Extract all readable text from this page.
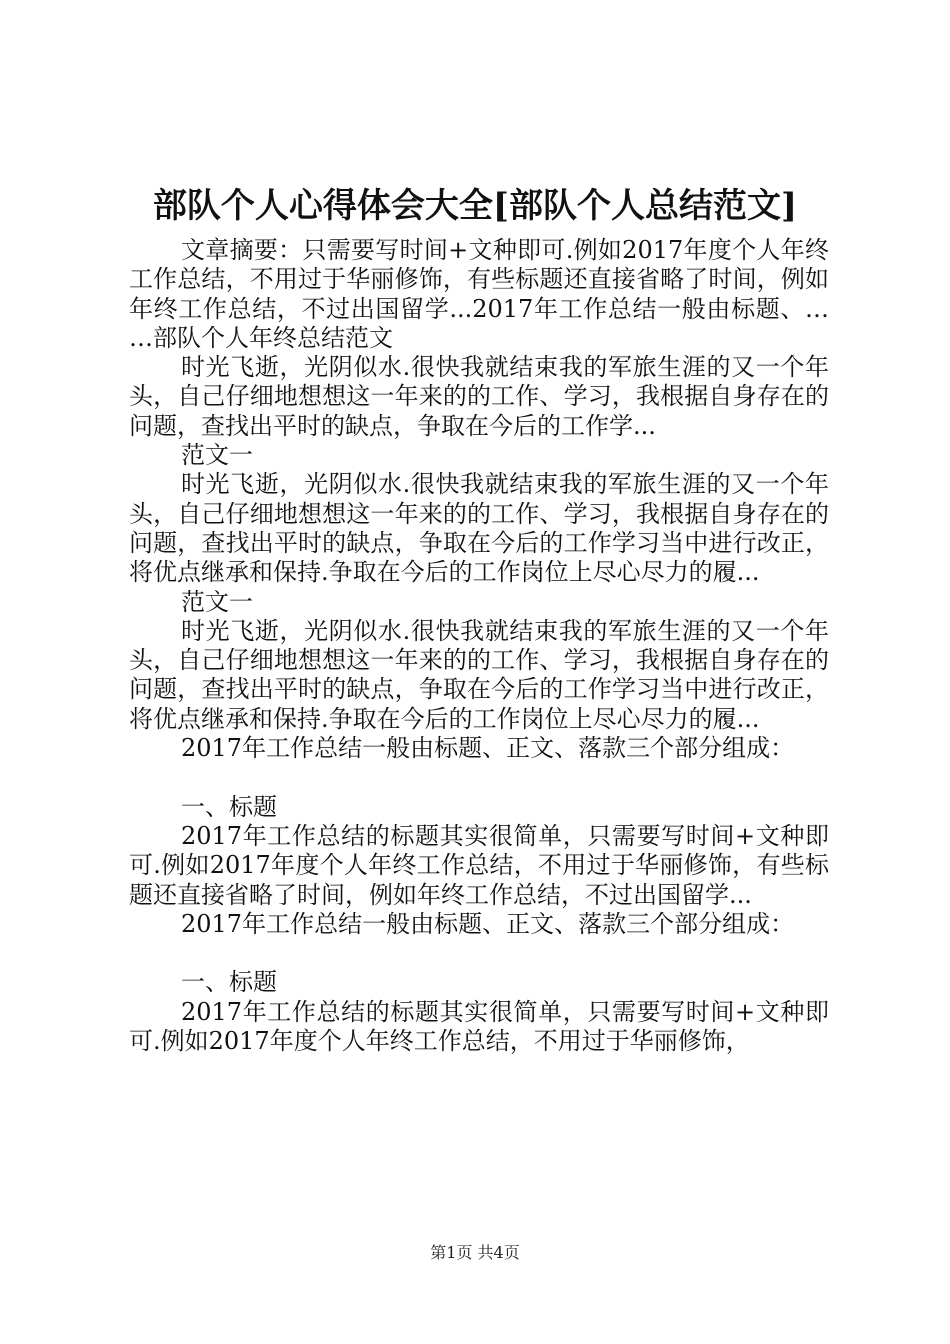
部队个人心得体会大全[部队个人总结范文]

文章摘要：只需要写时间+文种即可.例如2017年度个人年终工作总结，不用过于华丽修饰，有些标题还直接省略了时间，例如年终工作总结，不过出国留学...2017年工作总结一般由标题、……部队个人年终总结范文

时光飞逝，光阴似水.很快我就结束我的军旅生涯的又一个年头，自己仔细地想想这一年来的的工作、学习，我根据自身存在的问题，查找出平时的缺点，争取在今后的工作学...

范文一

时光飞逝，光阴似水.很快我就结束我的军旅生涯的又一个年头，自己仔细地想想这一年来的的工作、学习，我根据自身存在的问题，查找出平时的缺点，争取在今后的工作学习当中进行改正，将优点继承和保持.争取在今后的工作岗位上尽心尽力的履...

范文一

时光飞逝，光阴似水.很快我就结束我的军旅生涯的又一个年头，自己仔细地想想这一年来的的工作、学习，我根据自身存在的问题，查找出平时的缺点，争取在今后的工作学习当中进行改正，将优点继承和保持.争取在今后的工作岗位上尽心尽力的履...

2017年工作总结一般由标题、正文、落款三个部分组成：

一、标题

2017年工作总结的标题其实很简单，只需要写时间+文种即可.例如2017年度个人年终工作总结，不用过于华丽修饰，有些标题还直接省略了时间，例如年终工作总结，不过出国留学...

2017年工作总结一般由标题、正文、落款三个部分组成：

一、标题

2017年工作总结的标题其实很简单，只需要写时间+文种即可.例如2017年度个人年终工作总结，不用过于华丽修饰，

第1页 共4页
